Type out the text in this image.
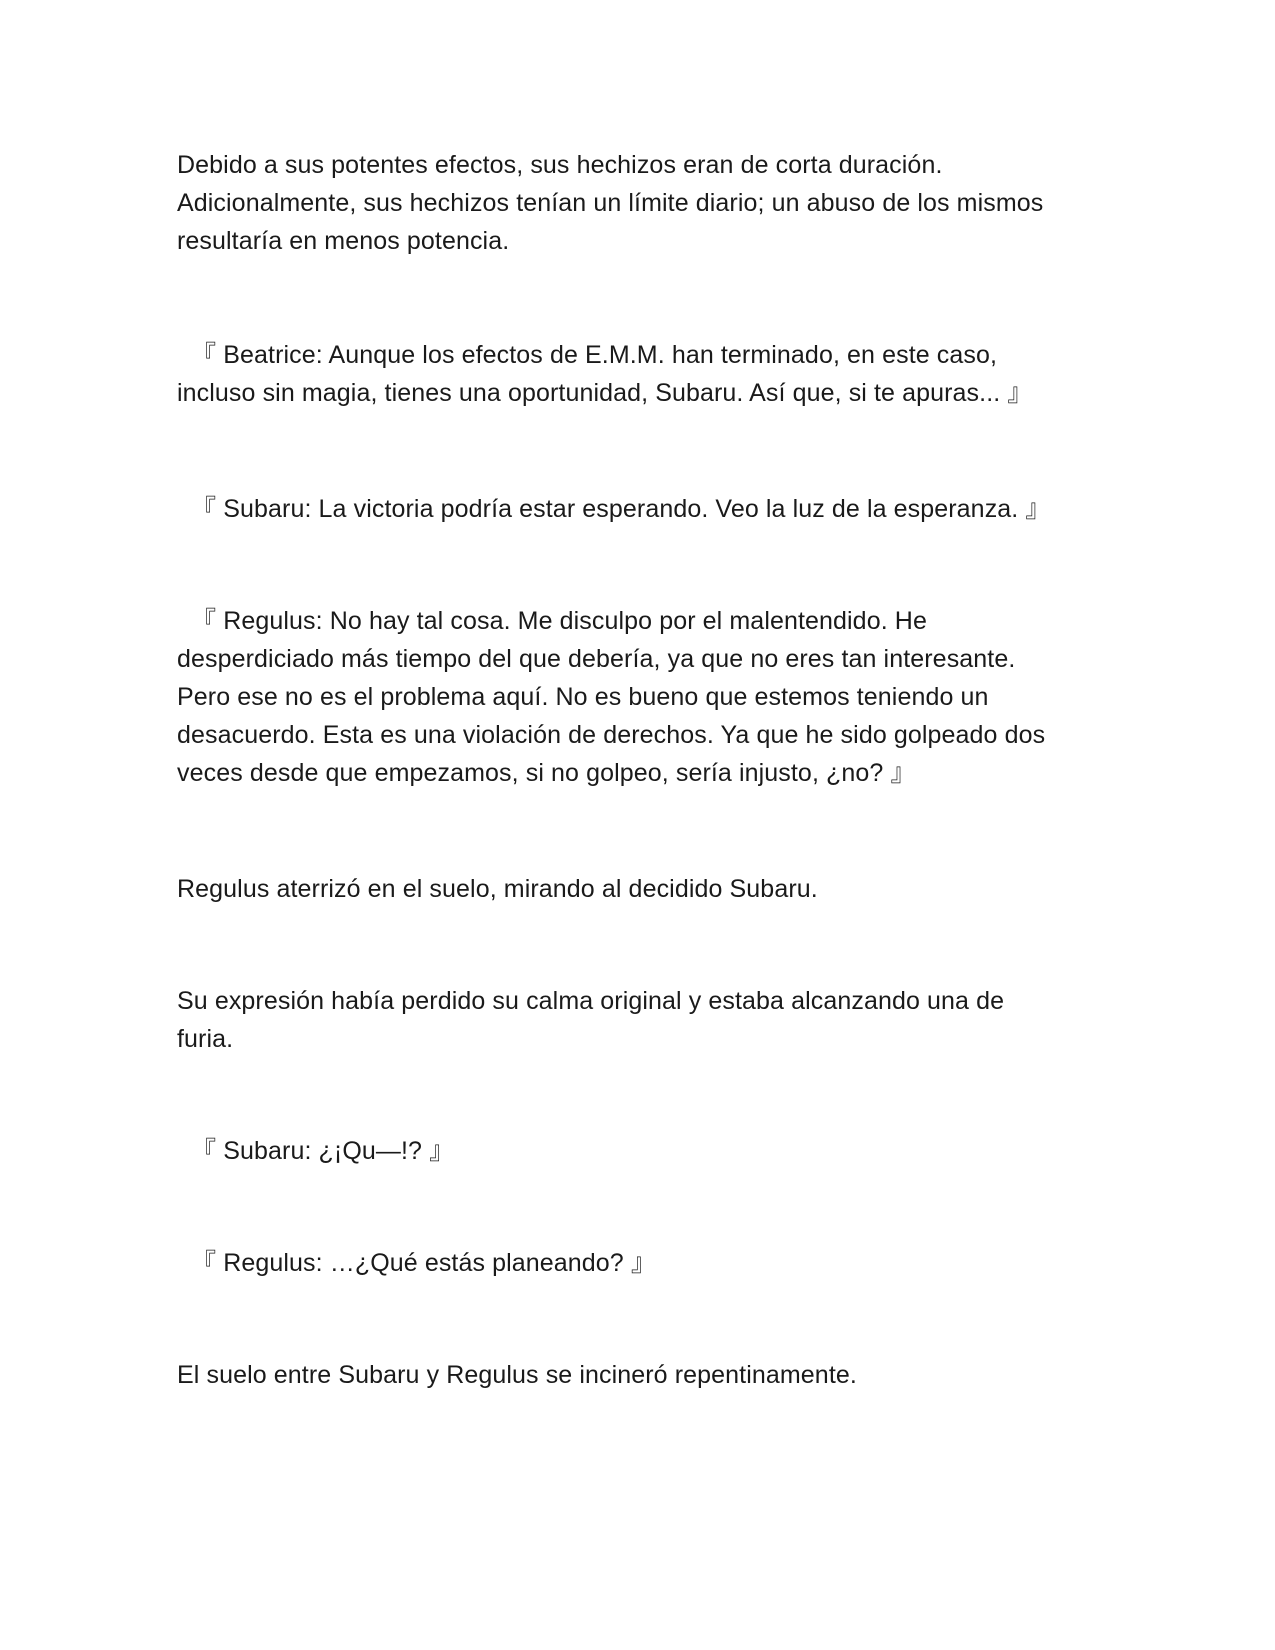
Debido a sus potentes efectos, sus hechizos eran de corta duración.
Adicionalmente, sus hechizos tenían un límite diario; un abuso de los mismos
resultaría en menos potencia.

『 Beatrice: Aunque los efectos de E.M.M. han terminado, en este caso,
incluso sin magia, tienes una oportunidad, Subaru. Así que, si te apuras... 』

『 Subaru: La victoria podría estar esperando. Veo la luz de la esperanza. 』

『 Regulus: No hay tal cosa. Me disculpo por el malentendido. He
desperdiciado más tiempo del que debería, ya que no eres tan interesante.
Pero ese no es el problema aquí. No es bueno que estemos teniendo un
desacuerdo. Esta es una violación de derechos. Ya que he sido golpeado dos
veces desde que empezamos, si no golpeo, sería injusto, ¿no? 』

Regulus aterrizó en el suelo, mirando al decidido Subaru.

Su expresión había perdido su calma original y estaba alcanzando una de
furia.

『 Subaru: ¿¡Qu—!? 』

『 Regulus: …¿Qué estás planeando? 』

El suelo entre Subaru y Regulus se incineró repentinamente.
